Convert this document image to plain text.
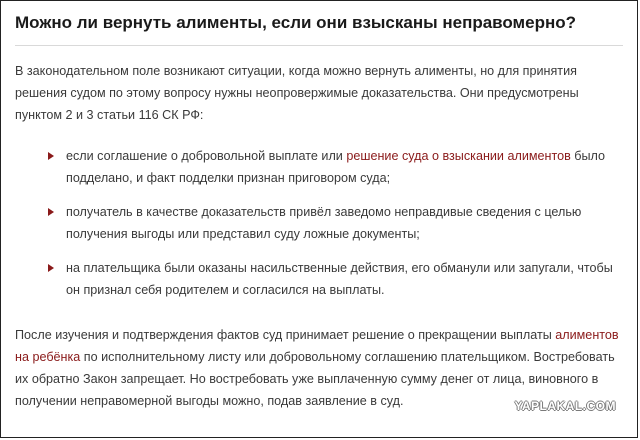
Можно ли вернуть алименты, если они взысканы неправомерно?
В законодательном поле возникают ситуации, когда можно вернуть алименты, но для принятия решения судом по этому вопросу нужны неопровержимые доказательства. Они предусмотрены пунктом 2 и 3 статьи 116 СК РФ:
если соглашение о добровольной выплате или решение суда о взыскании алиментов было подделано, и факт подделки признан приговором суда;
получатель в качестве доказательств привёл заведомо неправдивые сведения с целью получения выгоды или представил суду ложные документы;
на плательщика были оказаны насильственные действия, его обманули или запугали, чтобы он признал себя родителем и согласился на выплаты.
После изучения и подтверждения фактов суд принимает решение о прекращении выплаты алиментов на ребёнка по исполнительному листу или добровольному соглашению плательщиком. Востребовать их обратно Закон запрещает. Но востребовать уже выплаченную сумму денег от лица, виновного в получении неправомерной выгоды можно, подав заявление в суд.	YAPLAKAL.COM
